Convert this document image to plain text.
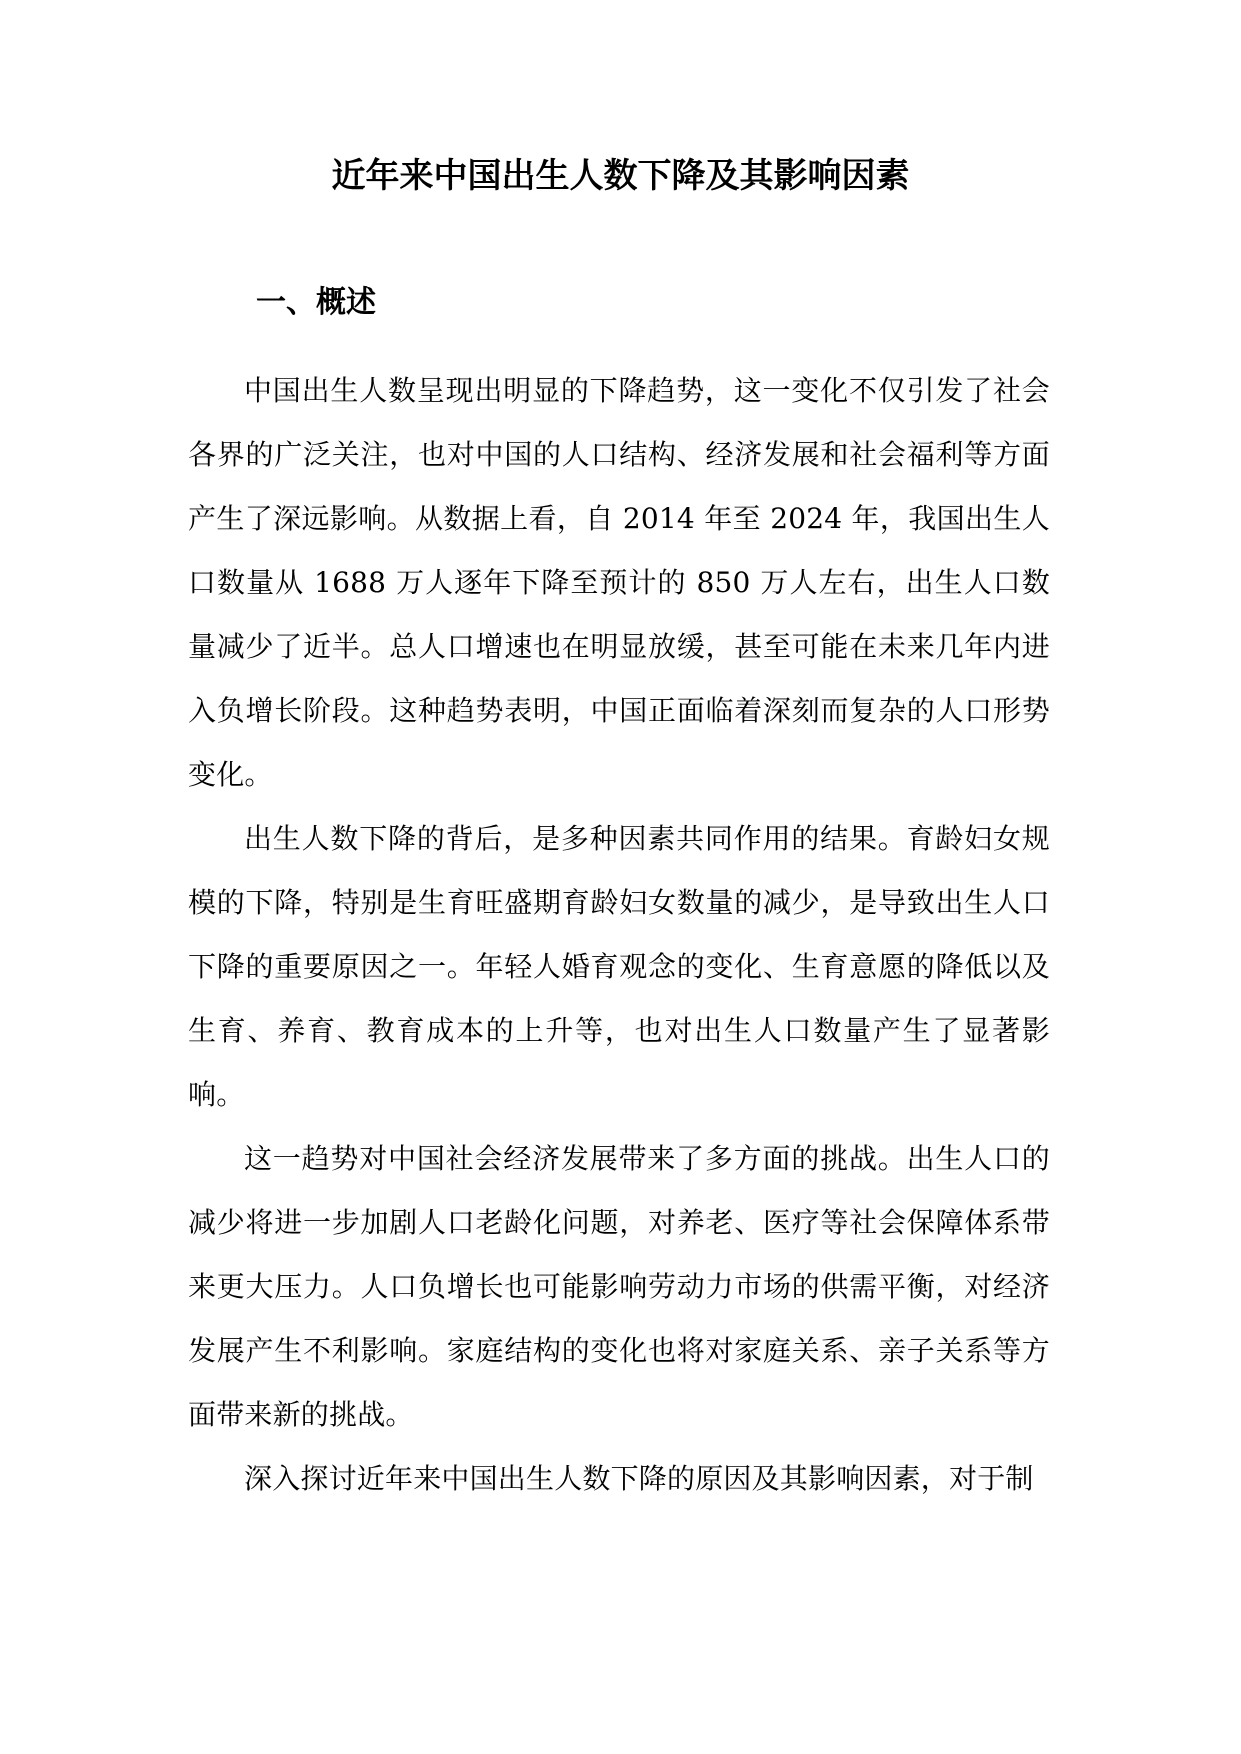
近年来中国出生人数下降及其影响因素
一、概述

中国出生人数呈现出明显的下降趋势，这一变化不仅引发了社会各界的广泛关注，也对中国的人口结构、经济发展和社会福利等方面产生了深远影响。从数据上看，自 2014 年至 2024 年，我国出生人口数量从 1688 万人逐年下降至预计的 850 万人左右，出生人口数量减少了近半。总人口增速也在明显放缓，甚至可能在未来几年内进入负增长阶段。这种趋势表明，中国正面临着深刻而复杂的人口形势变化。

出生人数下降的背后，是多种因素共同作用的结果。育龄妇女规模的下降，特别是生育旺盛期育龄妇女数量的减少，是导致出生人口下降的重要原因之一。年轻人婚育观念的变化、生育意愿的降低以及生育、养育、教育成本的上升等，也对出生人口数量产生了显著影响。

这一趋势对中国社会经济发展带来了多方面的挑战。出生人口的减少将进一步加剧人口老龄化问题，对养老、医疗等社会保障体系带来更大压力。人口负增长也可能影响劳动力市场的供需平衡，对经济发展产生不利影响。家庭结构的变化也将对家庭关系、亲子关系等方面带来新的挑战。

深入探讨近年来中国出生人数下降的原因及其影响因素，对于制
